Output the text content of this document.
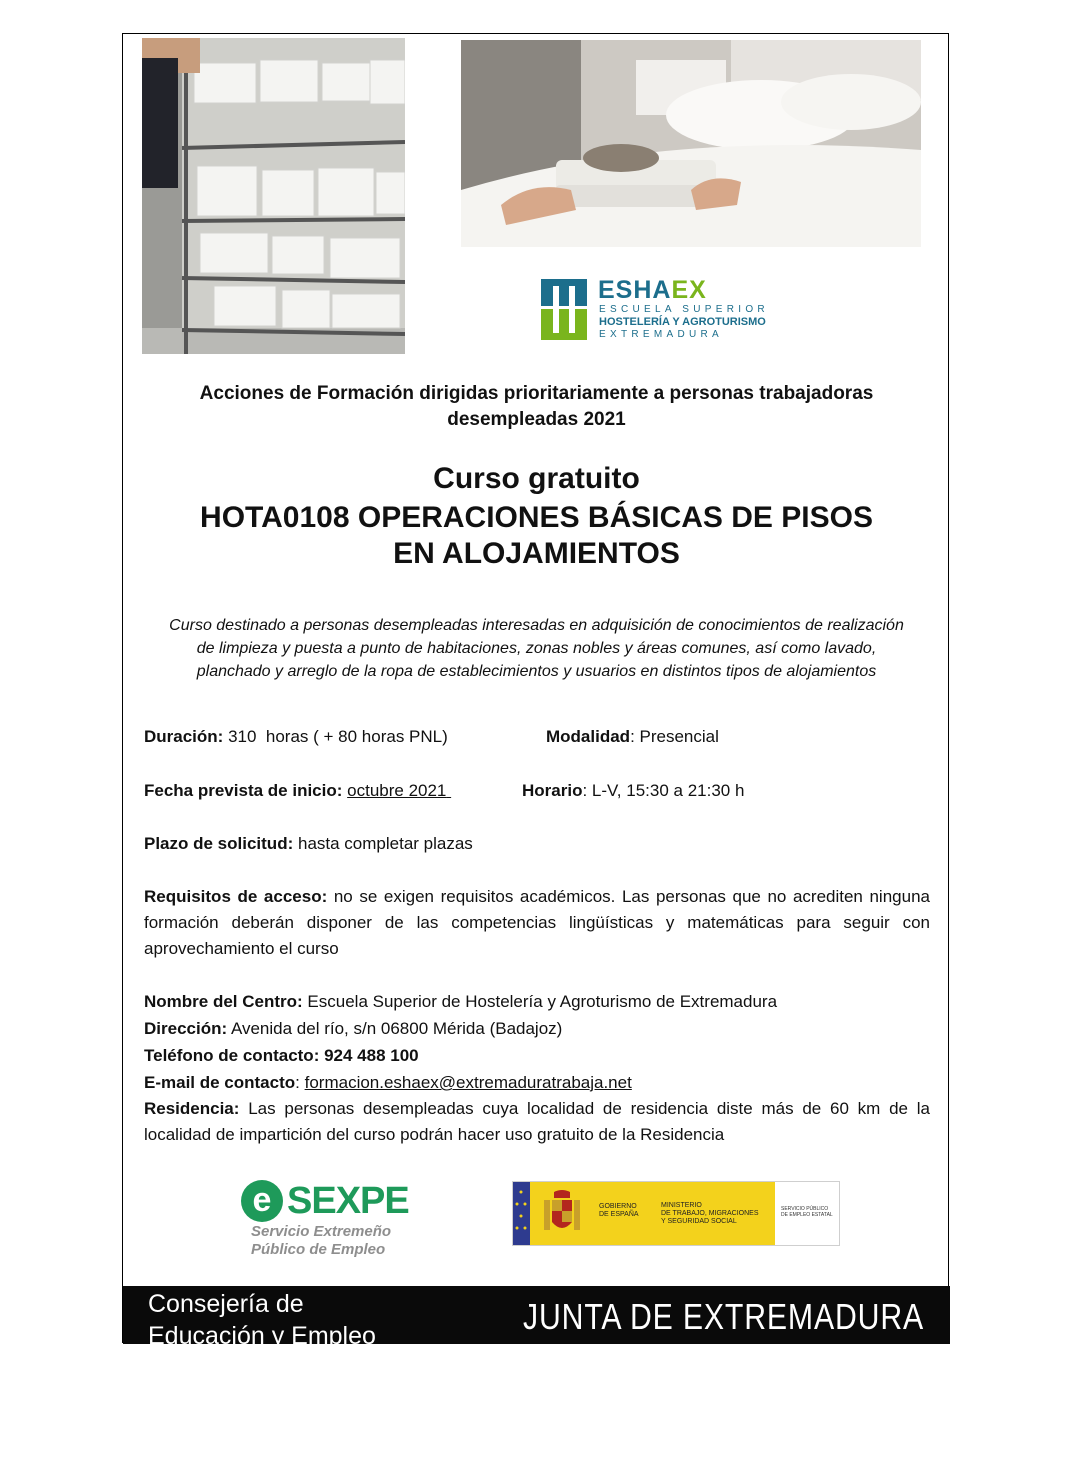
ESHAEX
ESCUELA SUPERIOR
HOSTELERÍA Y AGROTURISMO
EXTREMADURA
Acciones de Formación dirigidas prioritariamente a personas trabajadoras
desempleadas 2021
Curso gratuito
HOTA0108 OPERACIONES BÁSICAS DE PISOS
EN ALOJAMIENTOS
Curso destinado a personas desempleadas interesadas en adquisición de conocimientos de realización
de limpieza y puesta a punto de habitaciones, zonas nobles y áreas comunes, así como lavado,
planchado y arreglo de la ropa de establecimientos y usuarios en distintos tipos de alojamientos
Duración: 310  horas ( + 80 horas PNL)	Modalidad: Presencial
Fecha prevista de inicio: octubre 2021	Horario: L-V, 15:30 a 21:30 h
Plazo de solicitud: hasta completar plazas
Requisitos de acceso: no se exigen requisitos académicos. Las personas que no acrediten ninguna formación deberán disponer de las competencias lingüísticas y matemáticas para seguir con aprovechamiento el curso
Nombre del Centro: Escuela Superior de Hostelería y Agroturismo de Extremadura
Dirección: Avenida del río, s/n 06800 Mérida (Badajoz)
Teléfono de contacto: 924 488 100
E-mail de contacto: formacion.eshaex@extremaduratrabaja.net
Residencia: Las personas desempleadas cuya localidad de residencia diste más de 60 km de la localidad de impartición del curso podrán hacer uso gratuito de la Residencia
e SEXPE
Servicio Extremeño
Público de Empleo
GOBIERNO
DE ESPAÑA
MINISTERIO
DE TRABAJO, MIGRACIONES
Y SEGURIDAD SOCIAL
SERVICIO PÚBLICO
DE EMPLEO ESTATAL
Consejería de
Educación y Empleo	JUNTA DE EXTREMADURA
